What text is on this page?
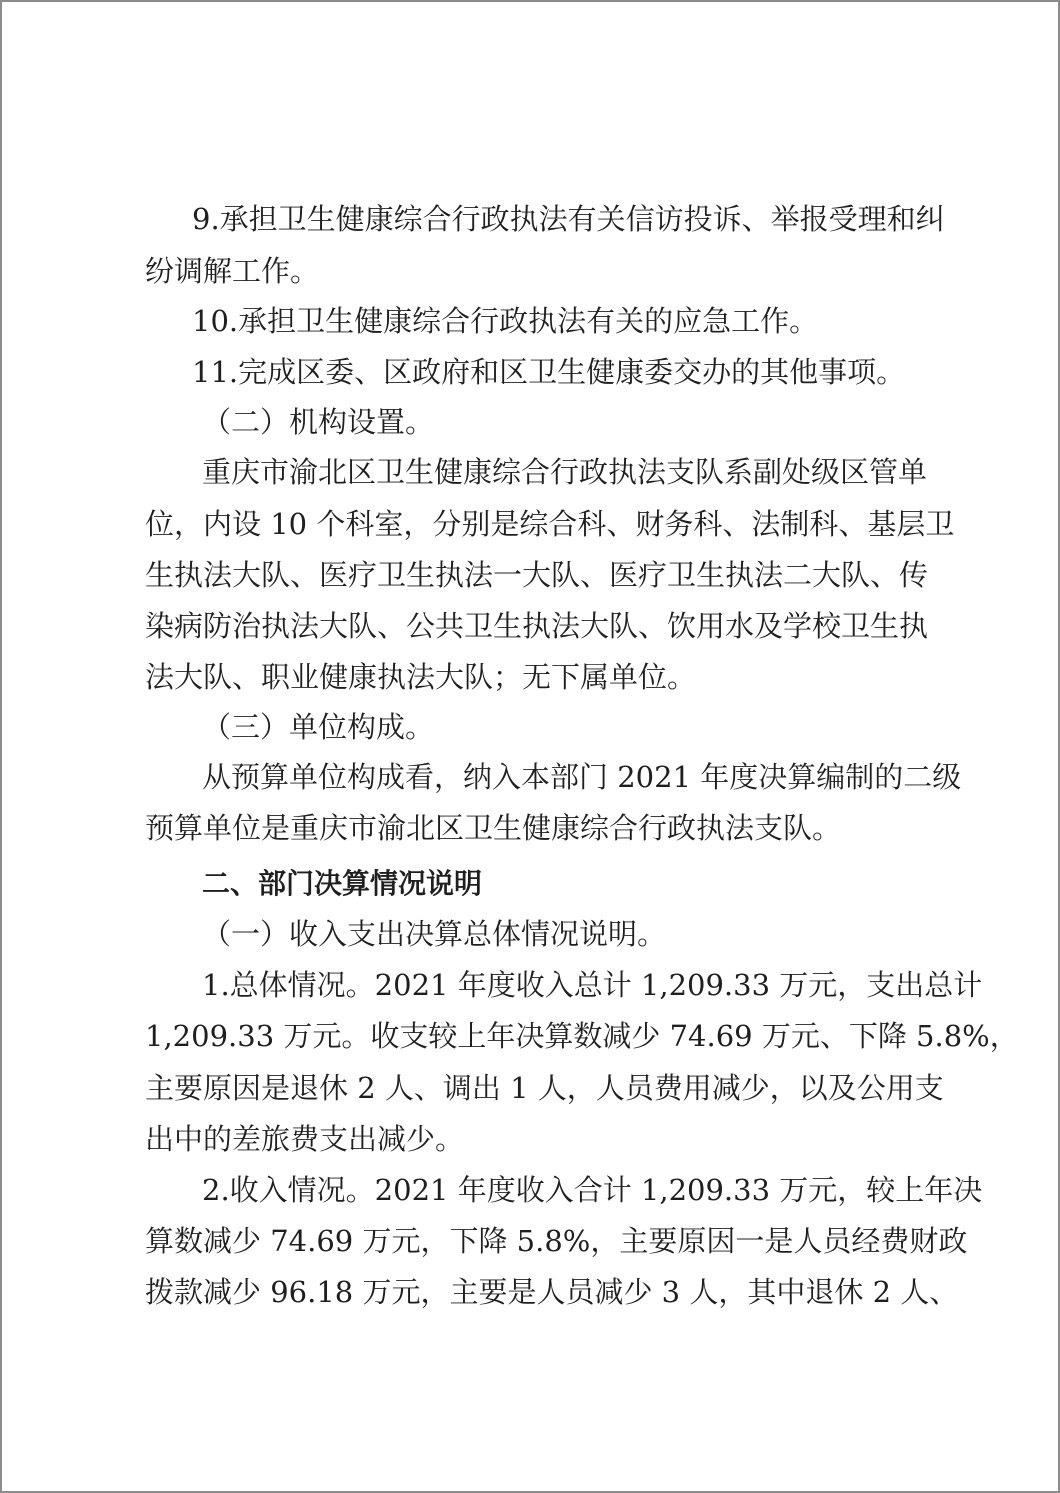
9.承担卫生健康综合行政执法有关信访投诉、举报受理和纠

纷调解工作。

10.承担卫生健康综合行政执法有关的应急工作。

11.完成区委、区政府和区卫生健康委交办的其他事项。

（二）机构设置。

重庆市渝北区卫生健康综合行政执法支队系副处级区管单

位，内设 10 个科室，分别是综合科、财务科、法制科、基层卫

生执法大队、医疗卫生执法一大队、医疗卫生执法二大队、传

染病防治执法大队、公共卫生执法大队、饮用水及学校卫生执

法大队、职业健康执法大队；无下属单位。

（三）单位构成。

从预算单位构成看，纳入本部门 2021 年度决算编制的二级

预算单位是重庆市渝北区卫生健康综合行政执法支队。

二、部门决算情况说明

（一）收入支出决算总体情况说明。

1.总体情况。2021 年度收入总计 1,209.33 万元，支出总计

1,209.33 万元。收支较上年决算数减少 74.69 万元、下降 5.8%，

主要原因是退休 2 人、调出 1 人，人员费用减少，以及公用支

出中的差旅费支出减少。

2.收入情况。2021 年度收入合计 1,209.33 万元，较上年决

算数减少 74.69 万元，下降 5.8%，主要原因一是人员经费财政

拨款减少 96.18 万元，主要是人员减少 3 人，其中退休 2 人、
